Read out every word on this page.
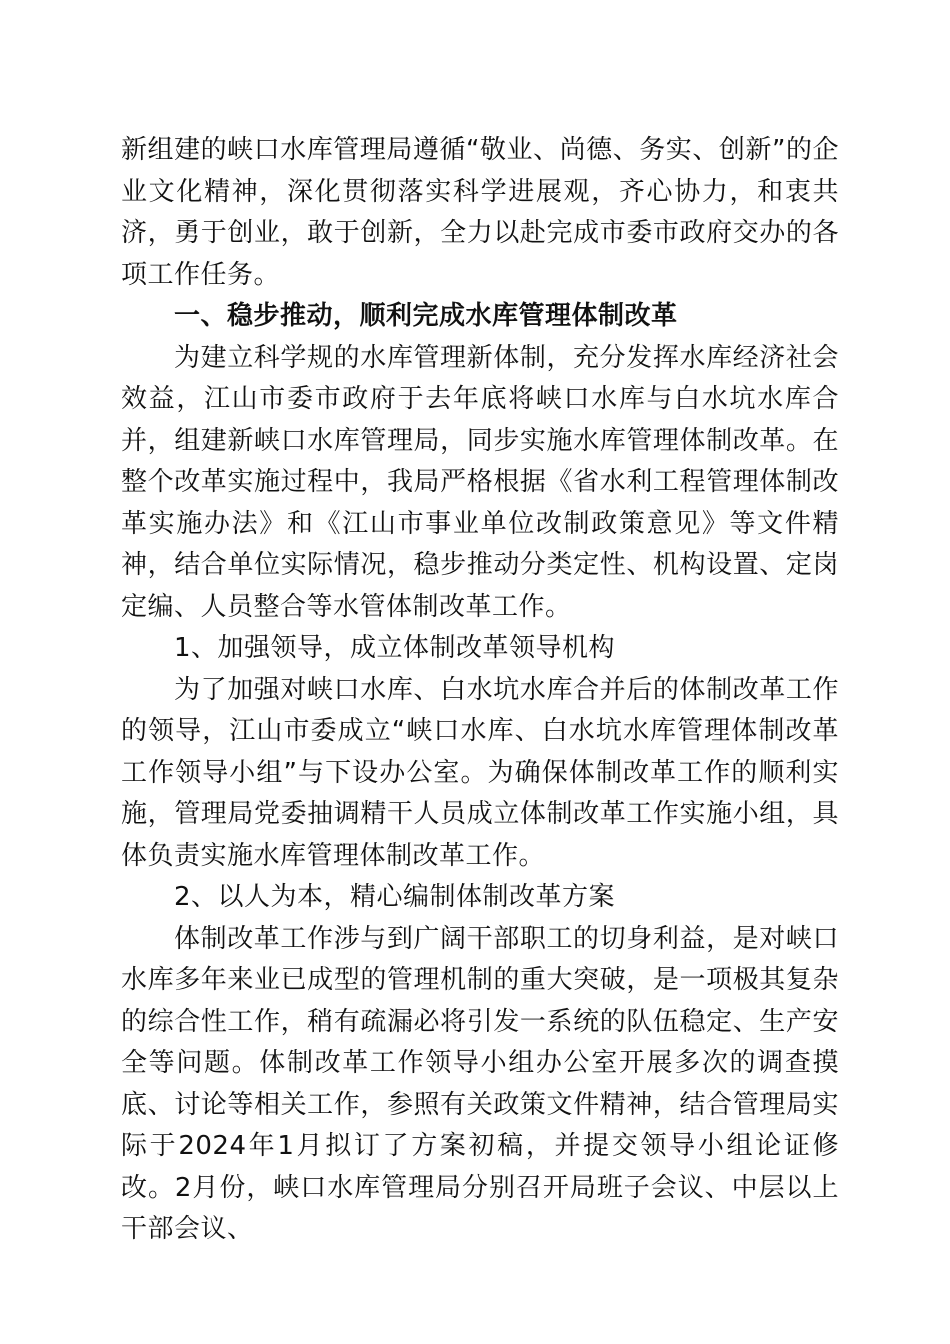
新组建的峡口水库管理局遵循“敬业、尚德、务实、创新”的企业文化精神，深化贯彻落实科学进展观，齐心协力，和衷共济，勇于创业，敢于创新，全力以赴完成市委市政府交办的各项工作任务。

一、稳步推动，顺利完成水库管理体制改革

为建立科学规的水库管理新体制，充分发挥水库经济社会效益，江山市委市政府于去年底将峡口水库与白水坑水库合并，组建新峡口水库管理局，同步实施水库管理体制改革。在整个改革实施过程中，我局严格根据《省水利工程管理体制改革实施办法》和《江山市事业单位改制政策意见》等文件精神，结合单位实际情况，稳步推动分类定性、机构设置、定岗定编、人员整合等水管体制改革工作。

1、加强领导，成立体制改革领导机构

为了加强对峡口水库、白水坑水库合并后的体制改革工作的领导，江山市委成立“峡口水库、白水坑水库管理体制改革工作领导小组”与下设办公室。为确保体制改革工作的顺利实施，管理局党委抽调精干人员成立体制改革工作实施小组，具体负责实施水库管理体制改革工作。

2、以人为本，精心编制体制改革方案

体制改革工作涉与到广阔干部职工的切身利益，是对峡口水库多年来业已成型的管理机制的重大突破，是一项极其复杂的综合性工作，稍有疏漏必将引发一系统的队伍稳定、生产安全等问题。体制改革工作领导小组办公室开展多次的调查摸底、讨论等相关工作，参照有关政策文件精神，结合管理局实际于2024年1月拟订了方案初稿，并提交领导小组论证修改。2月份，峡口水库管理局分别召开局班子会议、中层以上干部会议、
